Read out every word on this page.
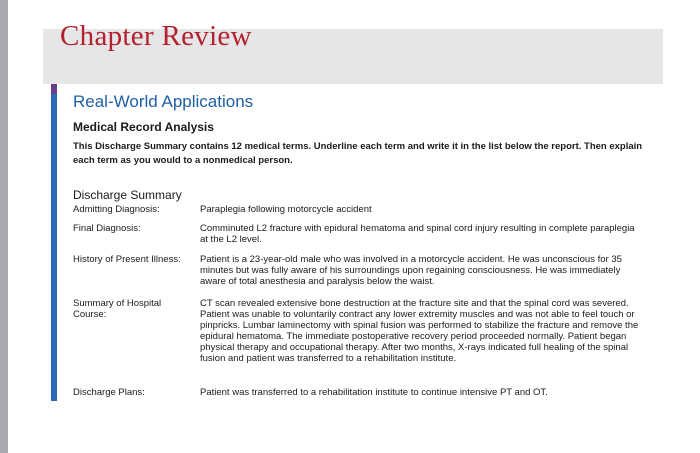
Chapter Review
Real-World Applications
Medical Record Analysis

This Discharge Summary contains 12 medical terms. Underline each term and write it in the list below the report. Then explain each term as you would to a nonmedical person.

Discharge Summary
Admitting Diagnosis:	Paraplegia following motorcycle accident
Final Diagnosis:	Comminuted L2 fracture with epidural hematoma and spinal cord injury resulting in complete paraplegia at the L2 level.
History of Present Illness: Patient is a 23-year-old male who was involved in a motorcycle accident. He was unconscious for 35 minutes but was fully aware of his surroundings upon regaining consciousness. He was immediately aware of total anesthesia and paralysis below the waist.
Summary of Hospital Course:
CT scan revealed extensive bone destruction at the fracture site and that the spinal cord was severed. Patient was unable to voluntarily contract any lower extremity muscles and was not able to feel touch or pinpricks. Lumbar laminectomy with spinal fusion was performed to stabilize the fracture and remove the epidural hematoma. The immediate postoperative recovery period proceeded normally. Patient began physical therapy and occupational therapy. After two months, X-rays indicated full healing of the spinal fusion and patient was transferred to a rehabilitation institute.
Discharge Plans:	Patient was transferred to a rehabilitation institute to continue intensive PT and OT.
